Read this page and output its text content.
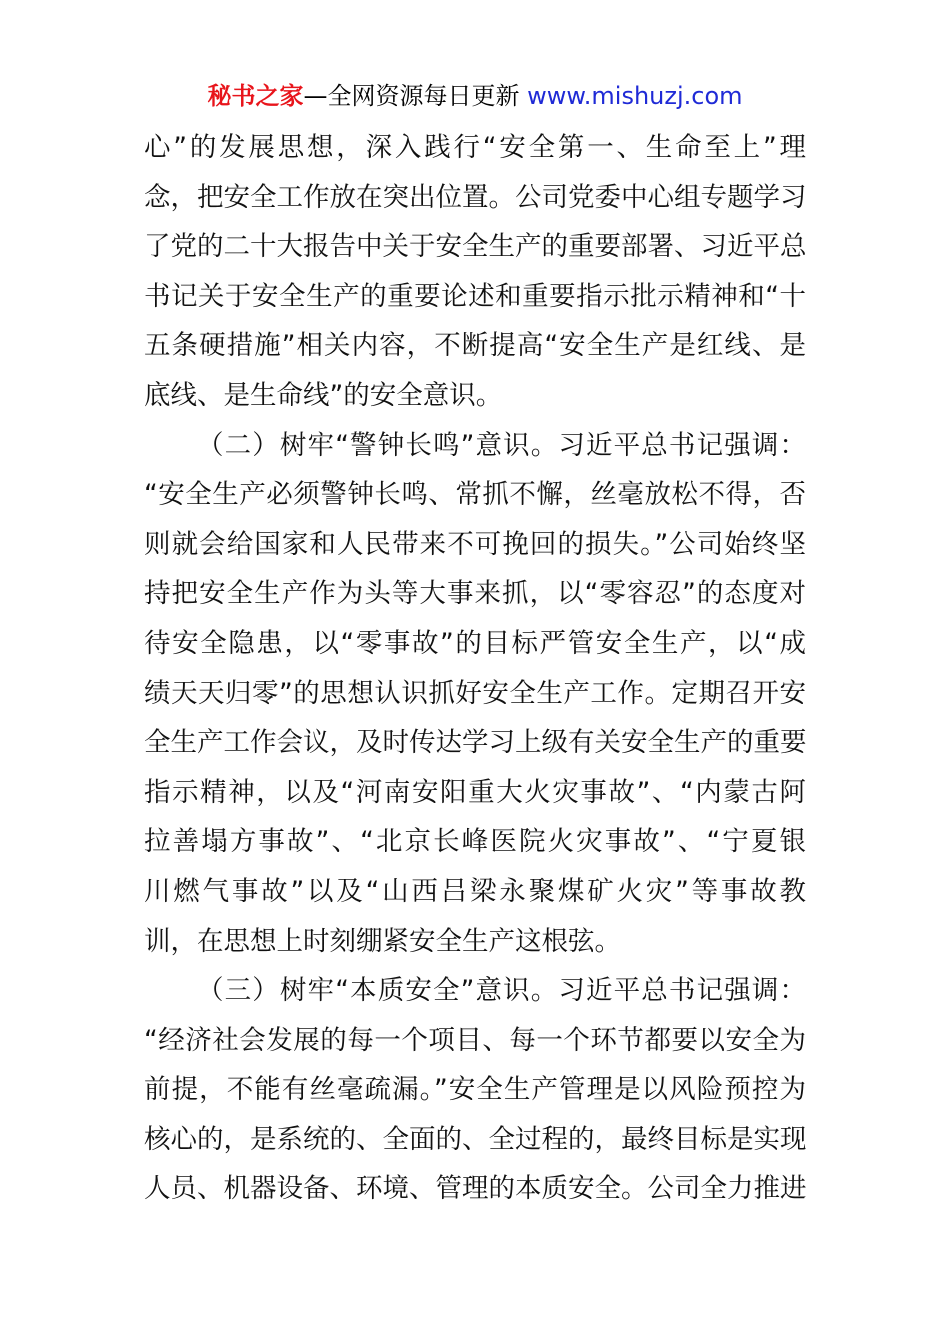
秘书之家—全网资源每日更新 www.mishuzj.com
心”的发展思想，深入践行“安全第一、生命至上”理
念，把安全工作放在突出位置。公司党委中心组专题学习
了党的二十大报告中关于安全生产的重要部署、习近平总
书记关于安全生产的重要论述和重要指示批示精神和“十
五条硬措施”相关内容，不断提高“安全生产是红线、是
底线、是生命线”的安全意识。
（二）树牢“警钟长鸣”意识。习近平总书记强调：
“安全生产必须警钟长鸣、常抓不懈，丝毫放松不得，否
则就会给国家和人民带来不可挽回的损失。”公司始终坚
持把安全生产作为头等大事来抓，以“零容忍”的态度对
待安全隐患，以“零事故”的目标严管安全生产，以“成
绩天天归零”的思想认识抓好安全生产工作。定期召开安
全生产工作会议，及时传达学习上级有关安全生产的重要
指示精神，以及“河南安阳重大火灾事故”、“内蒙古阿
拉善塌方事故”、“北京长峰医院火灾事故”、“宁夏银
川燃气事故”以及“山西吕梁永聚煤矿火灾”等事故教
训，在思想上时刻绷紧安全生产这根弦。
（三）树牢“本质安全”意识。习近平总书记强调：
“经济社会发展的每一个项目、每一个环节都要以安全为
前提，不能有丝毫疏漏。”安全生产管理是以风险预控为
核心的，是系统的、全面的、全过程的，最终目标是实现
人员、机器设备、环境、管理的本质安全。公司全力推进
